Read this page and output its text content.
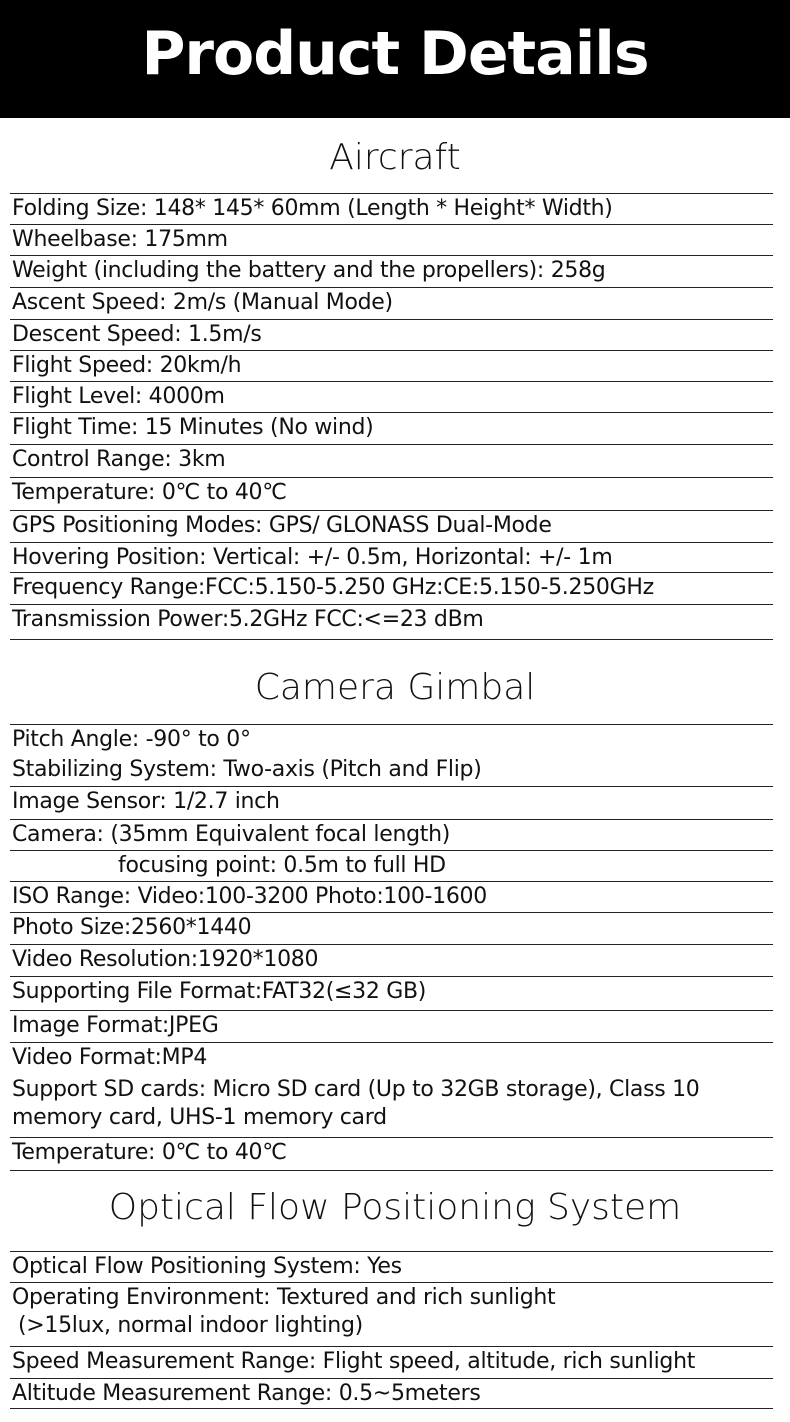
Product Details
Aircraft
Folding Size: 148* 145* 60mm (Length * Height* Width)
Wheelbase: 175mm
Weight (including the battery and the propellers): 258g
Ascent Speed: 2m/s (Manual Mode)
Descent Speed: 1.5m/s
Flight Speed: 20km/h
Flight Level: 4000m
Flight Time: 15 Minutes (No wind)
Control Range: 3km
Temperature: 0℃ to 40℃
GPS Positioning Modes: GPS/ GLONASS Dual-Mode
Hovering Position: Vertical: +/- 0.5m, Horizontal: +/- 1m
Frequency Range:FCC:5.150-5.250 GHz:CE:5.150-5.250GHz
Transmission Power:5.2GHz FCC:<=23 dBm
Camera Gimbal
Pitch Angle: -90° to 0°
Stabilizing System: Two-axis (Pitch and Flip)
Image Sensor: 1/2.7 inch
Camera: (35mm Equivalent focal length)
focusing point: 0.5m to full HD
ISO Range: Video:100-3200 Photo:100-1600
Photo Size:2560*1440
Video Resolution:1920*1080
Supporting File Format:FAT32(≤32 GB)
Image Format:JPEG
Video Format:MP4
Support SD cards: Micro SD card (Up to 32GB storage), Class 10 memory card, UHS-1 memory card
Temperature: 0℃ to 40℃
Optical Flow Positioning System
Optical Flow Positioning System: Yes
Operating Environment: Textured and rich sunlight
(>15lux, normal indoor lighting)
Speed Measurement Range: Flight speed, altitude, rich sunlight
Altitude Measurement Range: 0.5~5meters
